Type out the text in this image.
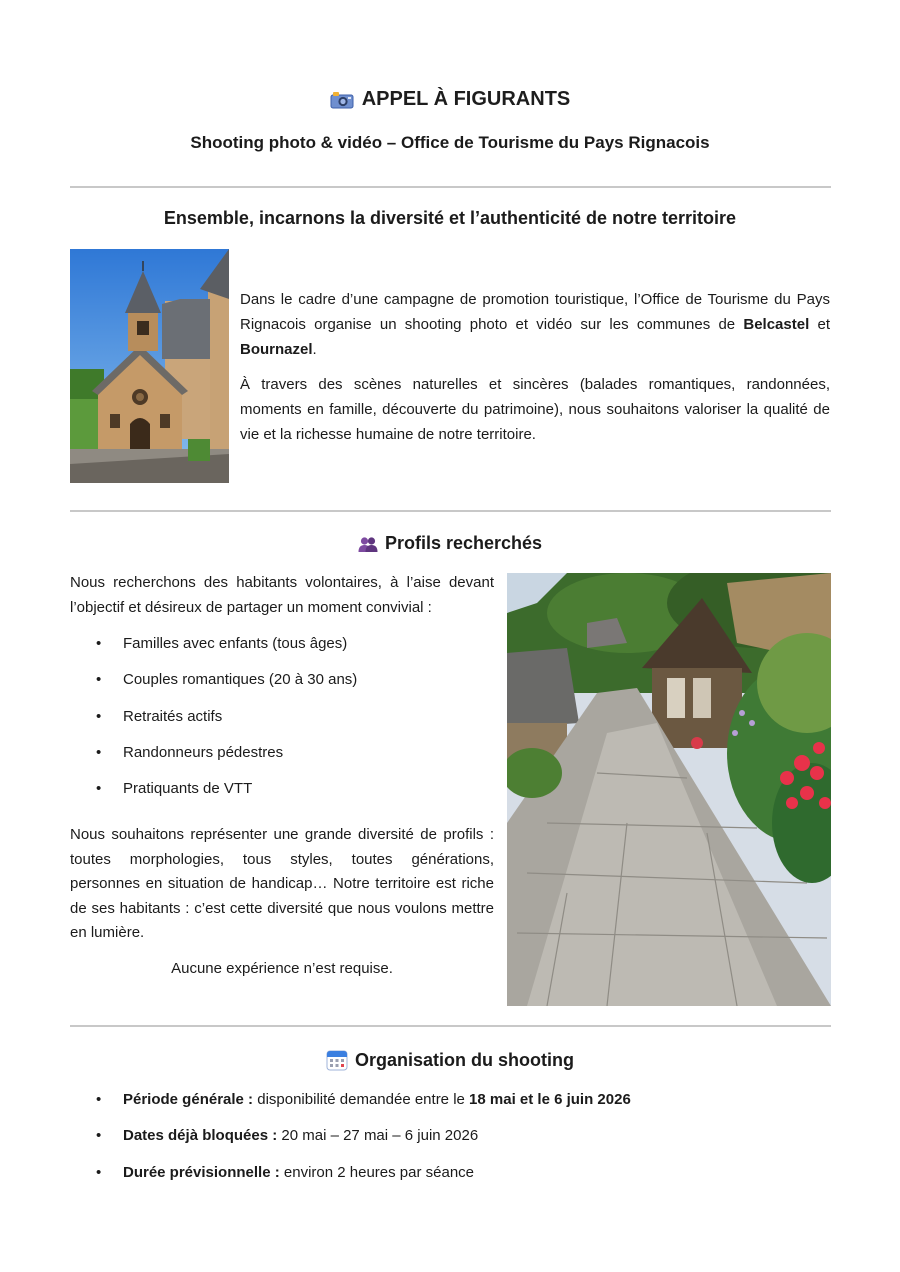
APPEL À FIGURANTS
Shooting photo & vidéo – Office de Tourisme du Pays Rignacois
Ensemble, incarnons la diversité et l’authenticité de notre territoire

Dans le cadre d’une campagne de promotion touristique, l’Office de Tourisme du Pays Rignacois organise un shooting photo et vidéo sur les communes de Belcastel et Bournazel.

À travers des scènes naturelles et sincères (balades romantiques, randonnées, moments en famille, découverte du patrimoine), nous souhaitons valoriser la qualité de vie et la richesse humaine de notre territoire.

Profils recherchés

Nous recherchons des habitants volontaires, à l’aise devant l’objectif et désireux de partager un moment convivial :

• Familles avec enfants (tous âges)
• Couples romantiques (20 à 30 ans)
• Retraités actifs
• Randonneurs pédestres
• Pratiquants de VTT

Nous souhaitons représenter une grande diversité de profils : toutes morphologies, tous styles, toutes générations, personnes en situation de handicap… Notre territoire est riche de ses habitants : c’est cette diversité que nous voulons mettre en lumière.

Aucune expérience n’est requise.

Organisation du shooting
• Période générale : disponibilité demandée entre le 18 mai et le 6 juin 2026
• Dates déjà bloquées : 20 mai – 27 mai – 6 juin 2026
• Durée prévisionnelle : environ 2 heures par séance
